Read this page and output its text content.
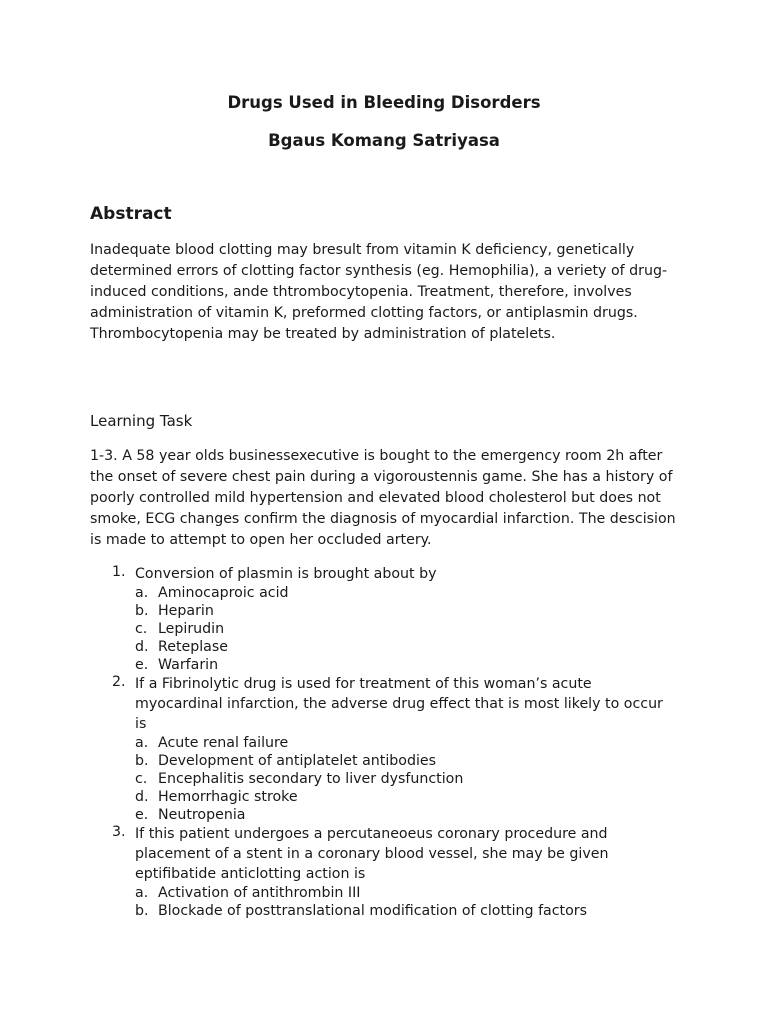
Drugs Used in Bleeding Disorders
Bgaus Komang Satriyasa
Abstract

Inadequate blood clotting may bresult from vitamin K deficiency, genetically determined errors of clotting factor synthesis (eg. Hemophilia), a veriety of drug-induced conditions, ande thtrombocytopenia. Treatment, therefore, involves administration of vitamin K, preformed clotting factors, or antiplasmin drugs. Thrombocytopenia may be treated by administration of platelets.

Learning Task

1-3. A 58 year olds businessexecutive is bought to the emergency room 2h after the onset of severe chest pain during a vigoroustennis game. She has a history of poorly controlled mild hypertension and elevated blood cholesterol but does not smoke, ECG changes confirm the diagnosis of myocardial infarction. The descision is made to attempt to open her occluded artery.

1. Conversion of plasmin is brought about by
a. Aminocaproic acid
b. Heparin
c. Lepirudin
d. Reteplase
e. Warfarin
2. If a Fibrinolytic drug is used for treatment of this woman’s acute myocardinal infarction, the adverse drug effect that is most likely to occur is
a. Acute renal failure
b. Development of antiplatelet antibodies
c. Encephalitis secondary to liver dysfunction
d. Hemorrhagic stroke
e. Neutropenia
3. If this patient undergoes a percutaneoeus coronary procedure and placement of a stent in a coronary blood vessel, she may be given eptifibatide anticlotting action is
a. Activation of antithrombin III
b. Blockade of posttranslational modification of clotting factors
